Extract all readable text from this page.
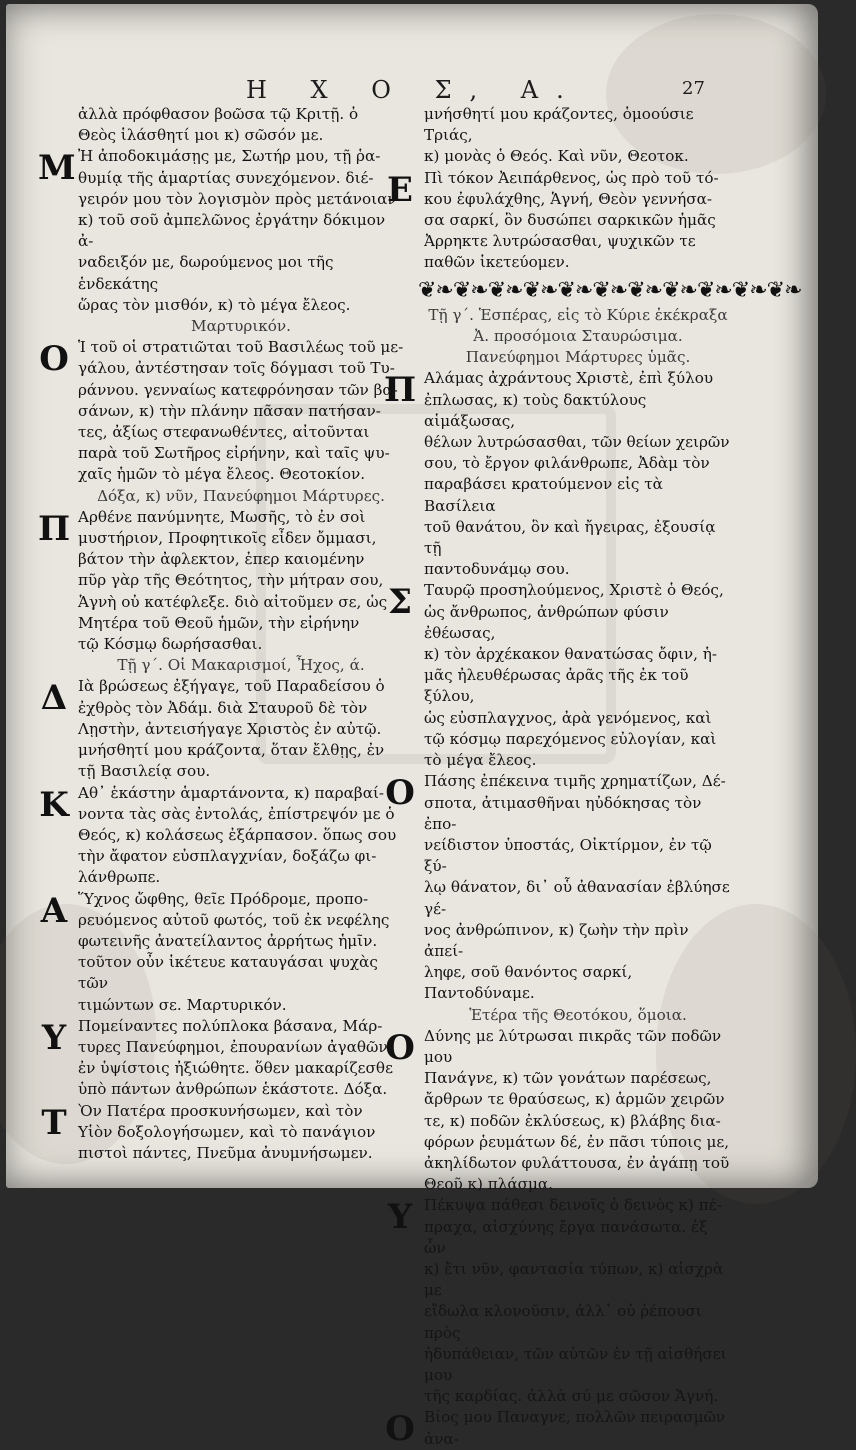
Η Χ Ο Σ, Α.	27
ἀλλὰ πρόφθασον βοῶσα τῷ Κριτῇ. ὁ
Θεὸς ἱλάσθητί μοι κ) σῶσόν με.
Μ Ἠ ἀποδοκιμάσῃς με, Σωτήρ μου, τῇ ῥα-
θυμίᾳ τῆς ἁμαρτίας συνεχόμενον. διέ-
γειρόν μου τὸν λογισμὸν πρὸς μετάνοιαν
κ) τοῦ σοῦ ἀμπελῶνος ἐργάτην δόκιμον ἀ-
ναδειξόν με, δωρούμενος μοι τῆς ἑνδεκάτης
ὥρας τὸν μισθόν, κ) τὸ μέγα ἔλεος.
Μαρτυρικόν.
Ο Ἱ τοῦ οἱ στρατιῶται τοῦ Βασιλέως τοῦ με-
γάλου, ἀντέστησαν τοῖς δόγμασι τοῦ Τυ-
ράννου. γενναίως κατεφρόνησαν τῶν βα-
σάνων, κ) τὴν πλάνην πᾶσαν πατήσαν-
τες, ἀξίως στεφανωθέντες, αἰτοῦνται
παρὰ τοῦ Σωτῆρος εἰρήνην, καὶ ταῖς ψυ-
χαῖς ἡμῶν τὸ μέγα ἔλεος. Θεοτοκίον.
Δόξα, κ) νῦν, Πανεύφημοι Μάρτυρες.
Π Αρθένε πανύμνητε, Μωσῆς, τὸ ἐν σοὶ
μυστήριον, Προφητικοῖς εἶδεν ὄμμασι,
βάτον τὴν ἀφλεκτον, ἐπερ καιομένην
πῦρ γὰρ τῆς Θεότητος, τὴν μήτραν σου,
Ἁγνὴ οὐ κατέφλεξε. διὸ αἰτοῦμεν σε, ὡς
Μητέρα τοῦ Θεοῦ ἡμῶν, τὴν εἰρήνην
τῷ Κόσμῳ δωρήσασθαι.
Τῇ γ΄. Οἱ Μακαρισμοί, Ἦχος, ά.
Δ Ιὰ βρώσεως ἐξήγαγε, τοῦ Παραδείσου ὁ
ἐχθρὸς τὸν Ἀδάμ. διὰ Σταυροῦ δὲ τὸν
Λῃστὴν, ἀντεισήγαγε Χριστὸς ἐν αὐτῷ.
μνήσθητί μου κράζοντα, ὅταν ἔλθῃς, ἐν
τῇ Βασιλείᾳ σου.
Κ Αθ᾽ ἑκάστην ἁμαρτάνοντα, κ) παραβαί-
νοντα τὰς σὰς ἐντολάς, ἐπίστρεψόν με ὁ
Θεός, κ) κολάσεως ἐξάρπασον. ὅπως σου
τὴν ἄφατον εὐσπλαγχνίαν, δοξάζω φι-
λάνθρωπε.
Α Ὕχνος ὤφθης, θεῖε Πρόδρομε, προπο-
ρευόμενος αὐτοῦ φωτός, τοῦ ἐκ νεφέλης
φωτεινῆς ἀνατείλαντος ἀρρήτως ἡμῖν.
τοῦτον οὖν ἱκέτευε καταυγάσαι ψυχὰς τῶν
τιμώντων σε. Μαρτυρικόν.
Υ Πομείναντες πολύπλοκα βάσανα, Μάρ-
τυρες Πανεύφημοι, ἐπουρανίων ἀγαθῶν
ἐν ὑψίστοις ἠξιώθητε. ὅθεν μακαρίζεσθε
ὑπὸ πάντων ἀνθρώπων ἑκάστοτε. Δόξα.
Τ Ὸν Πατέρα προσκυνήσωμεν, καὶ τὸν
Υἱὸν δοξολογήσωμεν, καὶ τὸ πανάγιον
πιστοὶ πάντες, Πνεῦμα ἀνυμνήσωμεν.
μνήσθητί μου κράζοντες, ὁμοούσιε Τριάς,
κ) μονὰς ὁ Θεός. Καὶ νῦν, Θεοτοκ.
Ε Πὶ τόκον Ἀειπάρθενος, ὡς πρὸ τοῦ τό-
κου ἐφυλάχθης, Ἁγνή, Θεὸν γεννήσα-
σα σαρκί, ὃν δυσώπει σαρκικῶν ἡμᾶς
Ἀρρηκτε λυτρώσασθαι, ψυχικῶν τε
παθῶν ἱκετεύομεν.
❦❧❦❧❦❧❦❧❦❧❦❧❦❧❦❧❦❧❦❧❦❧
Τῇ γ΄. Ἑσπέρας, εἰς τὸ Κύριε ἐκέκραξα
Ἀ. προσόμοια Σταυρώσιμα.
Πανεύφημοι Μάρτυρες ὑμᾶς.
Π Αλάμας ἀχράντους Χριστὲ, ἐπὶ ξύλου
ἐπλωσας, κ) τοὺς δακτύλους αἱμάξωσας,
θέλων λυτρώσασθαι, τῶν θείων χειρῶν
σου, τὸ ἔργον φιλάνθρωπε, Ἀδὰμ τὸν
παραβάσει κρατούμενον εἰς τὰ Βασίλεια
τοῦ θανάτου, ὃν καὶ ἤγειρας, ἐξουσίᾳ τῇ
παντοδυνάμῳ σου.
Σ Ταυρῷ προσηλούμενος, Χριστὲ ὁ Θεός,
ὡς ἄνθρωπος, ἀνθρώπων φύσιν ἐθέωσας,
κ) τὸν ἀρχέκακον θανατώσας ὄφιν, ἡ-
μᾶς ἠλευθέρωσας ἀρᾶς τῆς ἐκ τοῦ ξύλου,
ὡς εὐσπλαγχνος, ἀρὰ γενόμενος, καὶ
τῷ κόσμῳ παρεχόμενος εὐλογίαν, καὶ
τὸ μέγα ἔλεος.
Ο Πάσης ἐπέκεινα τιμῆς χρηματίζων, Δέ-
σποτα, ἀτιμασθῆναι ηὐδόκησας τὸν ἐπο-
νείδιστον ὑποστάς, Οἰκτίρμον, ἐν τῷ ξύ-
λῳ θάνατον, δι᾽ οὗ ἀθανασίαν ἐβλύησε γέ-
νος ἀνθρώπινον, κ) ζωὴν τὴν πρὶν ἀπεί-
ληφε, σοῦ θανόντος σαρκί, Παντοδύναμε.
Ἑτέρα τῆς Θεοτόκου, ὅμοια.
Ο Δύνης με λύτρωσαι πικρᾶς τῶν ποδῶν μου
Πανάγνε, κ) τῶν γονάτων παρέσεως,
ἄρθρων τε θραύσεως, κ) ἁρμῶν χειρῶν
τε, κ) ποδῶν ἐκλύσεως, κ) βλάβης δια-
φόρων ῥευμάτων δέ, ἐν πᾶσι τύποις με,
ἀκηλίδωτον φυλάττουσα, ἐν ἀγάπῃ τοῦ
Θεοῦ κ) πλάσμα.
Υ Πέκυψα πάθεσι δεινοῖς ὁ δεινὸς κ) πέ-
πραχα, αἰσχύνης ἔργα πανάσωτα. ἐξ ὧν
κ) ἔτι νῦν, φαντασία τύπων, κ) αἰσχρὰ με
εἴδωλα κλονοῦσιν, ἀλλ᾽ οὐ ῥέπουσι πρὸς
ἡδυπάθειαν, τῶν αὐτῶν ἐν τῇ αἰσθήσει μου
τῆς καρδίας. ἀλλὰ σύ με σῶσον Ἁγνή.
Ο Βίος μου Παναγνε, πολλῶν πειρασμῶν
ἀνα-
